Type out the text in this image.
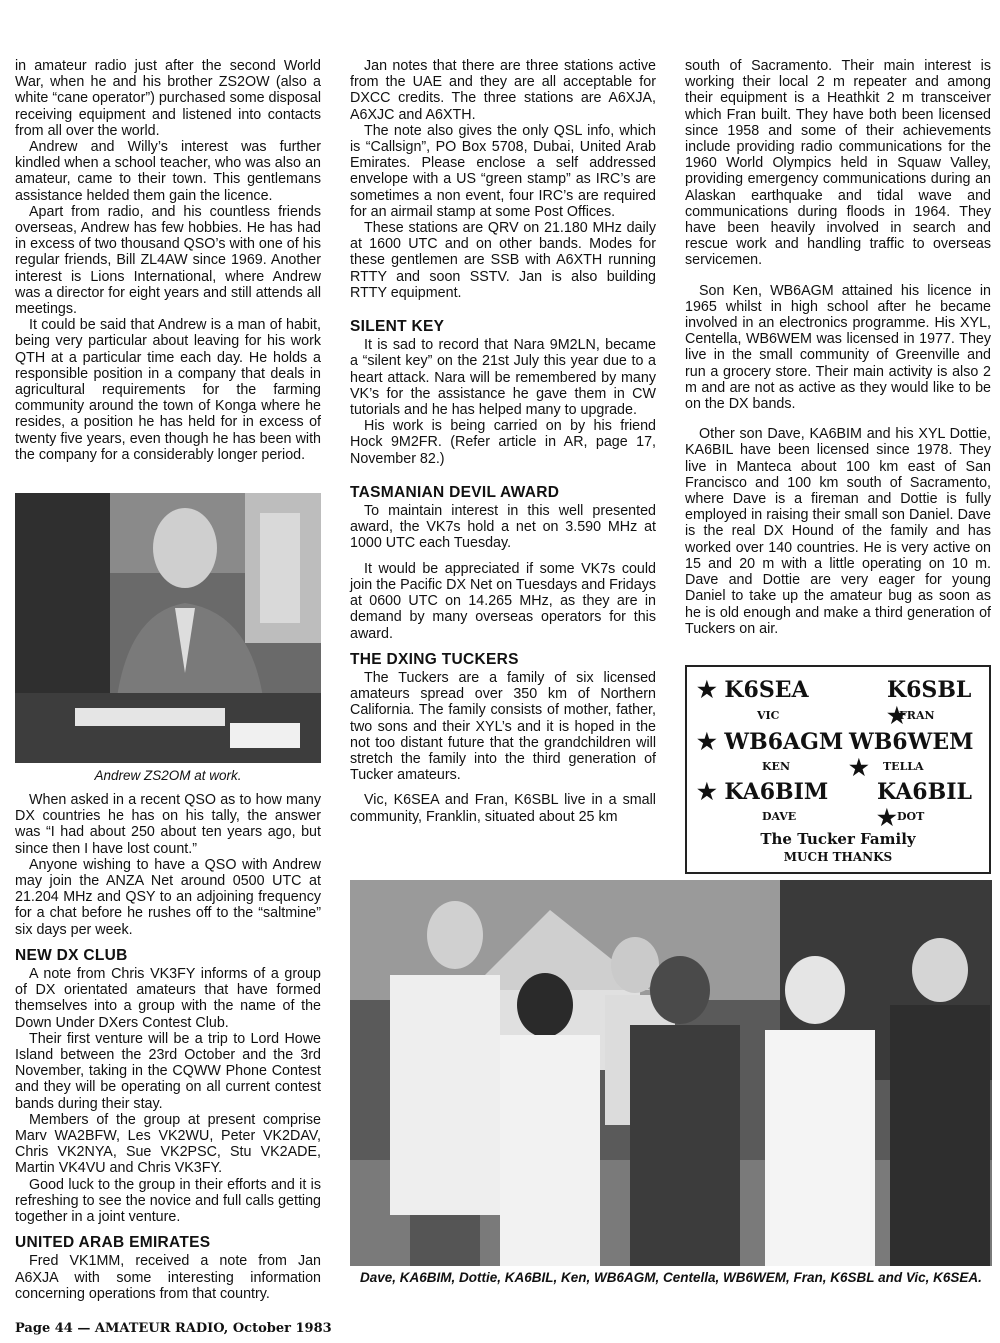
in amateur radio just after the second World War, when he and his brother ZS2OW (also a white “cane operator”) purchased some disposal receiving equipment and listened into contacts from all over the world.

Andrew and Willy’s interest was further kindled when a school teacher, who was also an amateur, came to their town. This gentlemans assistance helded them gain the licence.

Apart from radio, and his countless friends overseas, Andrew has few hobbies. He has had in excess of two thousand QSO’s with one of his regular friends, Bill ZL4AW since 1969. Another interest is Lions International, where Andrew was a director for eight years and still attends all meetings.

It could be said that Andrew is a man of habit, being very particular about leaving for his work QTH at a particular time each day. He holds a responsible position in a company that deals in agricultural requirements for the farming community around the town of Konga where he resides, a position he has held for in excess of twenty five years, even though he has been with the company for a considerably longer period.

Andrew ZS2OM at work.

When asked in a recent QSO as to how many DX countries he has on his tally, the answer was “I had about 250 about ten years ago, but since then I have lost count.”

Anyone wishing to have a QSO with Andrew may join the ANZA Net around 0500 UTC at 21.204 MHz and QSY to an adjoining frequency for a chat before he rushes off to the “saltmine” six days per week.

NEW DX CLUB

A note from Chris VK3FY informs of a group of DX orientated amateurs that have formed themselves into a group with the name of the Down Under DXers Contest Club.

Their first venture will be a trip to Lord Howe Island between the 23rd October and the 3rd November, taking in the CQWW Phone Contest and they will be operating on all current contest bands during their stay.

Members of the group at present comprise Marv WA2BFW, Les VK2WU, Peter VK2DAV, Chris VK2NYA, Sue VK2PSC, Stu VK2ADE, Martin VK4VU and Chris VK3FY.

Good luck to the group in their efforts and it is refreshing to see the novice and full calls getting together in a joint venture.

UNITED ARAB EMIRATES

Fred VK1MM, received a note from Jan A6XJA with some interesting information concerning operations from that country.

Jan notes that there are three stations active from the UAE and they are all acceptable for DXCC credits. The three stations are A6XJA, A6XJC and A6XTH.

The note also gives the only QSL info, which is “Callsign”, PO Box 5708, Dubai, United Arab Emirates. Please enclose a self addressed envelope with a US “green stamp” as IRC’s are sometimes a non event, four IRC’s are required for an airmail stamp at some Post Offices.

These stations are QRV on 21.180 MHz daily at 1600 UTC and on other bands. Modes for these gentlemen are SSB with A6XTH running RTTY and soon SSTV. Jan is also building RTTY equipment.

SILENT KEY

It is sad to record that Nara 9M2LN, became a “silent key” on the 21st July this year due to a heart attack. Nara will be remembered by many VK’s for the assistance he gave them in CW tutorials and he has helped many to upgrade.

His work is being carried on by his friend Hock 9M2FR. (Refer article in AR, page 17, November 82.)

TASMANIAN DEVIL AWARD

To maintain interest in this well presented award, the VK7s hold a net on 3.590 MHz at 1000 UTC each Tuesday.

It would be appreciated if some VK7s could join the Pacific DX Net on Tuesdays and Fridays at 0600 UTC on 14.265 MHz, as they are in demand by many overseas operators for this award.

THE DXING TUCKERS

The Tuckers are a family of six licensed amateurs spread over 350 km of Northern California. The family consists of mother, father, two sons and their XYL’s and it is hoped in the not too distant future that the grandchildren will stretch the family into the third generation of Tucker amateurs.

Vic, K6SEA and Fran, K6SBL live in a small community, Franklin, situated about 25 km

south of Sacramento. Their main interest is working their local 2 m repeater and among their equipment is a Heathkit 2 m transceiver which Fran built. They have both been licensed since 1958 and some of their achievements include providing radio communications for the 1960 World Olympics held in Squaw Valley, providing emergency communications during an Alaskan earthquake and tidal wave and communications during floods in 1964. They have been heavily involved in search and rescue work and handling traffic to overseas servicemen.

Son Ken, WB6AGM attained his licence in 1965 whilst in high school after he became involved in an electronics programme. His XYL, Centella, WB6WEM was licensed in 1977. They live in the small community of Greenville and run a grocery store. Their main activity is also 2 m and are not as active as they would like to be on the DX bands.

Other son Dave, KA6BIM and his XYL Dottie, KA6BIL have been licensed since 1978. They live in Manteca about 100 km east of San Francisco and 100 km south of Sacramento, where Dave is a fireman and Dottie is fully employed in raising their small son Daniel. Dave is the real DX Hound of the family and has worked over 140 countries. He is very active on 15 and 20 m with a little operating on 10 m. Dave and Dottie are very eager for young Daniel to take up the amateur bug as soon as he is old enough and make a third generation of Tuckers on air.

★ K6SEA
VIC
K6SBL ★
FRAN
★ WB6AGM
KEN
WB6WEM ★	TELLA
★ KA6BIM
DAVE
KA6BIL ★ DOT
The Tucker Family
MUCH THANKS
Dave, KA6BIM, Dottie, KA6BIL, Ken, WB6AGM, Centella, WB6WEM, Fran, K6SBL and Vic, K6SEA.
Page 44 — AMATEUR RADIO, October 1983
